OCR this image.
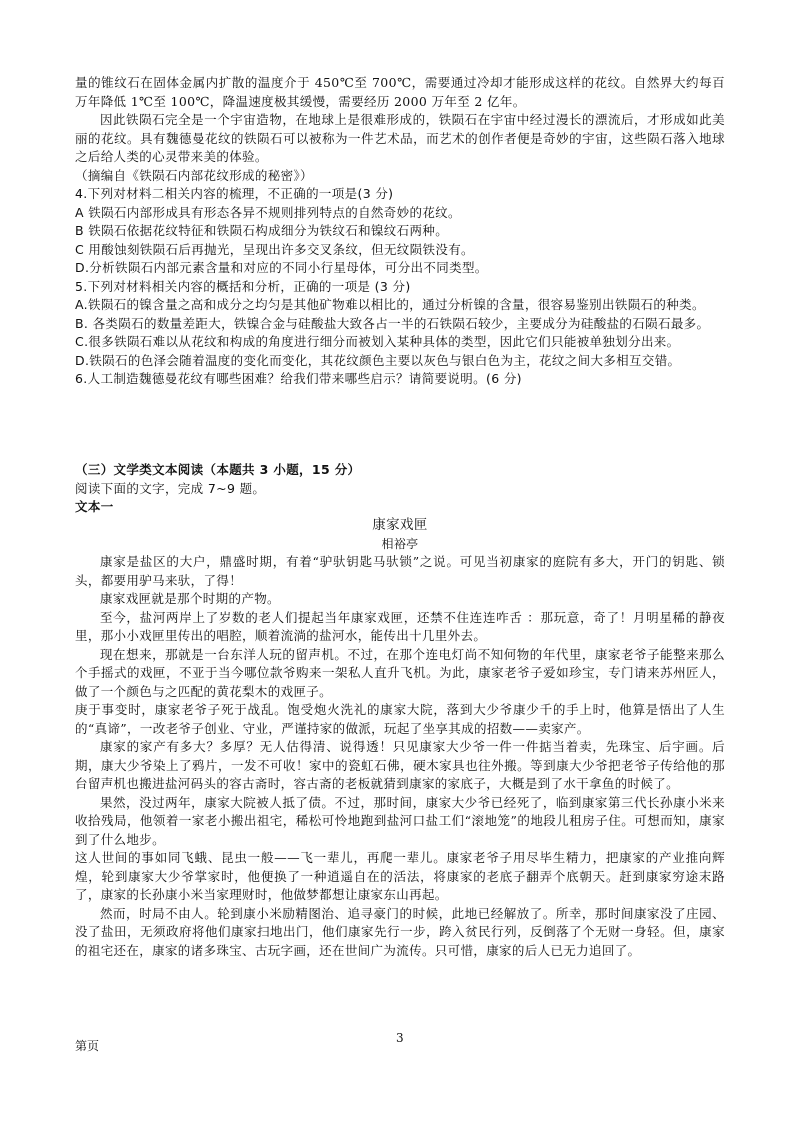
量的锥纹石在固体金属内扩散的温度介于 450℃至 700℃，需要通过冷却才能形成这样的花纹。自然界大约每百万年降低 1℃至 100℃，降温速度极其缓慢，需要经历 2000 万年至 2 亿年。

因此铁陨石完全是一个宇宙造物，在地球上是很难形成的，铁陨石在宇宙中经过漫长的漂流后，才形成如此美丽的花纹。具有魏德曼花纹的铁陨石可以被称为一件艺术品，而艺术的创作者便是奇妙的宇宙，这些陨石落入地球之后给人类的心灵带来美的体验。

（摘编自《铁陨石内部花纹形成的秘密》）

4.下列对材料二相关内容的梳理，不正确的一项是(3 分)

A 铁陨石内部形成具有形态各异不规则排列特点的自然奇妙的花纹。

B 铁陨石依据花纹特征和铁陨石构成细分为铁纹石和镍纹石两种。

C 用酸蚀刻铁陨石后再抛光，呈现出许多交叉条纹，但无纹陨铁没有。

D.分析铁陨石内部元素含量和对应的不同小行星母体，可分出不同类型。

5.下列对材料相关内容的概括和分析，正确的一项是 (3 分)

A.铁陨石的镍含量之高和成分之均匀是其他矿物难以相比的，通过分析镍的含量，很容易鉴别出铁陨石的种类。

B. 各类陨石的数量差距大，铁镍合金与硅酸盐大致各占一半的石铁陨石较少，主要成分为硅酸盐的石陨石最多。

C.很多铁陨石难以从花纹和构成的角度进行细分而被划入某种具体的类型，因此它们只能被单独划分出来。

D.铁陨石的色泽会随着温度的变化而变化，其花纹颜色主要以灰色与银白色为主，花纹之间大多相互交错。

6.人工制造魏德曼花纹有哪些困难？给我们带来哪些启示？请简要说明。(6 分)

（三）文学类文本阅读（本题共 3 小题，15 分）

阅读下面的文字，完成 7~9 题。

文本一

康家戏匣

相裕亭

康家是盐区的大户，鼎盛时期，有着“驴驮钥匙马驮锁”之说。可见当初康家的庭院有多大，开门的钥匙、锁头，都要用驴马来驮，了得！

康家戏匣就是那个时期的产物。

至今，盐河两岸上了岁数的老人们提起当年康家戏匣，还禁不住连连咋舌 ：那玩意，奇了！月明星稀的静夜里，那小小戏匣里传出的唱腔，顺着流淌的盐河水，能传出十几里外去。

现在想来，那就是一台东洋人玩的留声机。不过，在那个连电灯尚不知何物的年代里，康家老爷子能整来那么个手摇式的戏匣，不亚于当今哪位款爷购来一架私人直升飞机。为此，康家老爷子爱如珍宝，专门请来苏州匠人，做了一个颜色与之匹配的黄花梨木的戏匣子。

庚于事变时，康家老爷子死于战乱。饱受炮火洗礼的康家大院，落到大少爷康少千的手上时，他算是悟出了人生的“真谛”，一改老爷子创业、守业，严谨持家的做派，玩起了坐享其成的招数——卖家产。

康家的家产有多大？多厚？无人估得清、说得透！只见康家大少爷一件一件掂当着卖，先珠宝、后宇画。后期，康大少爷染上了鸦片，一发不可收！家中的瓷虹石佛，硬木家具也往外搬。等到康大少爷把老爷子传给他的那台留声机也搬进盐河码头的容古斋时，容古斋的老板就猜到康家的家底子，大概是到了水干拿鱼的时候了。

果然，没过两年，康家大院被人抵了债。不过，那时间，康家大少爷已经死了，临到康家第三代长孙康小米来收拾残局，他领着一家老小搬出祖宅，稀松可怜地跑到盐河口盐工们“滚地笼”的地段儿租房子住。可想而知，康家到了什么地步。

这人世间的事如同飞蛾、昆虫一般——飞一辈儿，再爬一辈儿。康家老爷子用尽毕生精力，把康家的产业推向辉煌，轮到康家大少爷掌家时，他便换了一种逍遥自在的活法，将康家的老底子翻弄个底朝天。赶到康家穷途末路了，康家的长孙康小米当家理财时，他做梦都想让康家东山再起。

然而，时局不由人。轮到康小米励精图治、追寻豪门的时候，此地已经解放了。所幸，那时间康家没了庄园、没了盐田，无须政府将他们康家扫地出门，他们康家先行一步，跨入贫民行列，反倒落了个无财一身轻。但，康家的祖宅还在，康家的诸多珠宝、古玩字画，还在世间广为流传。只可惜，康家的后人已无力追回了。

第页
3
